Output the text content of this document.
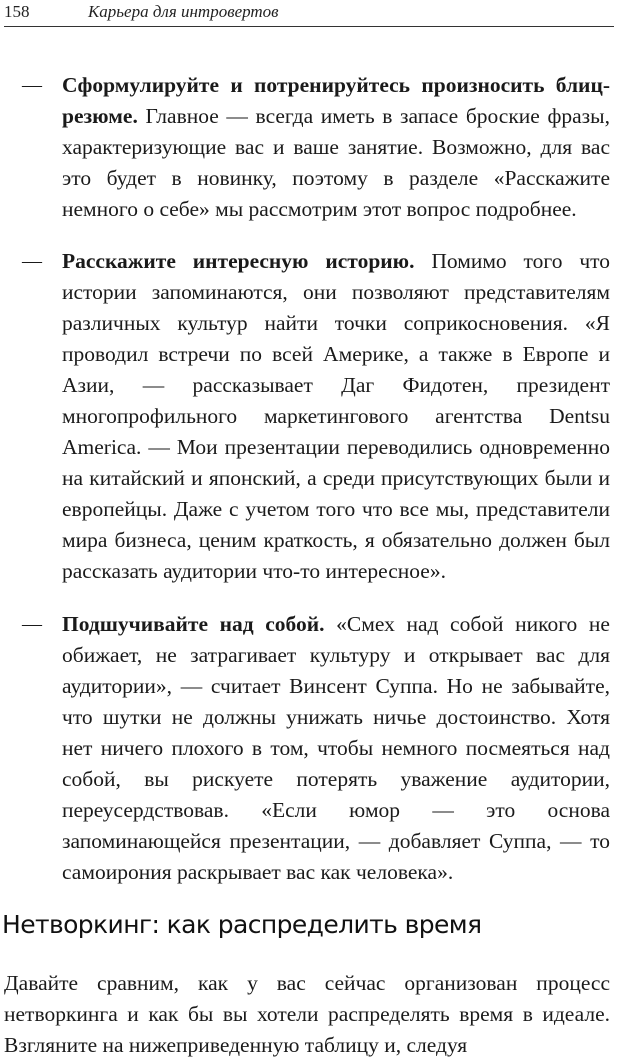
158	Карьера для интровертов
— Сформулируйте и потренируйтесь произносить блиц-резюме. Главное — всегда иметь в запасе броские фразы, характеризующие вас и ваше занятие. Возможно, для вас это будет в новинку, поэтому в разделе «Расскажите немного о себе» мы рассмотрим этот вопрос подробнее.

— Расскажите интересную историю. Помимо того что истории запоминаются, они позволяют представителям различных культур найти точки соприкосновения. «Я проводил встречи по всей Америке, а также в Европе и Азии, — рассказывает Даг Фидотен, президент многопрофильного маркетингового агентства Dentsu America. — Мои презентации переводились одновременно на китайский и японский, а среди присутствующих были и европейцы. Даже с учетом того что все мы, представители мира бизнеса, ценим краткость, я обязательно должен был рассказать аудитории что-то интересное».

— Подшучивайте над собой. «Смех над собой никого не обижает, не затрагивает культуру и открывает вас для аудитории», — считает Винсент Суппа. Но не забывайте, что шутки не должны унижать ничье достоинство. Хотя нет ничего плохого в том, чтобы немного посмеяться над собой, вы рискуете потерять уважение аудитории, переусердствовав. «Если юмор — это основа запоминающейся презентации, — добавляет Суппа, — то самоирония раскрывает вас как человека».

Нетворкинг: как распределить время

Давайте сравним, как у вас сейчас организован процесс нетворкинга и как бы вы хотели распределять время в идеале. Взгляните на нижеприведенную таблицу и, следуя
